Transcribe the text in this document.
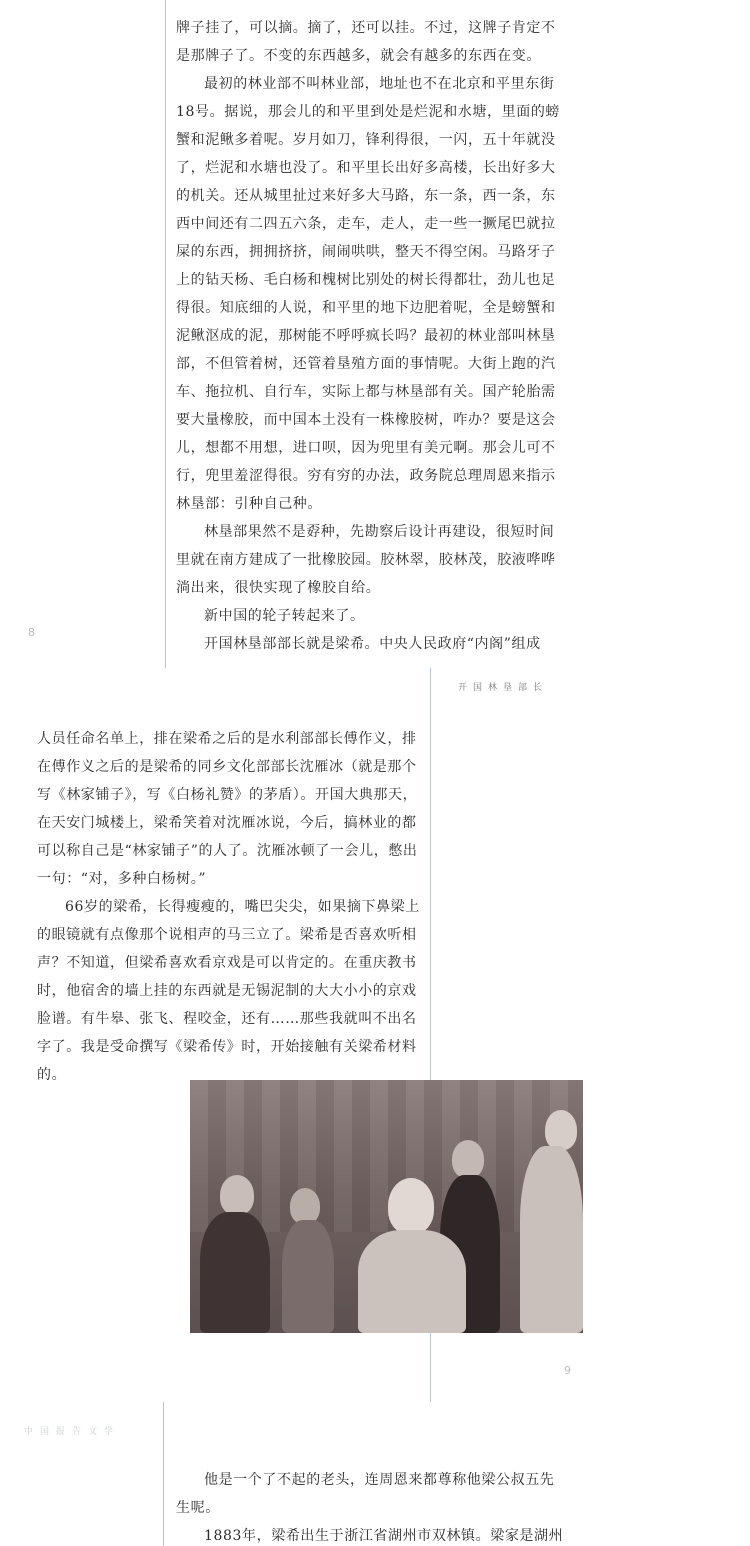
牌子挂了，可以摘。摘了，还可以挂。不过，这牌子肯定不是那牌子了。不变的东西越多，就会有越多的东西在变。

最初的林业部不叫林业部，地址也不在北京和平里东街18号。据说，那会儿的和平里到处是烂泥和水塘，里面的螃蟹和泥鳅多着呢。岁月如刀，锋利得很，一闪，五十年就没了，烂泥和水塘也没了。和平里长出好多高楼，长出好多大的机关。还从城里扯过来好多大马路，东一条，西一条，东西中间还有二四五六条，走车，走人，走一些一撅尾巴就拉屎的东西，拥拥挤挤，闹闹哄哄，整天不得空闲。马路牙子上的钻天杨、毛白杨和槐树比别处的树长得都壮，劲儿也足得很。知底细的人说，和平里的地下边肥着呢，全是螃蟹和泥鳅沤成的泥，那树能不呼呼疯长吗？最初的林业部叫林垦部，不但管着树，还管着垦殖方面的事情呢。大街上跑的汽车、拖拉机、自行车，实际上都与林垦部有关。国产轮胎需要大量橡胶，而中国本土没有一株橡胶树，咋办？要是这会儿，想都不用想，进口呗，因为兜里有美元啊。那会儿可不行，兜里羞涩得很。穷有穷的办法，政务院总理周恩来指示林垦部：引种自己种。

林垦部果然不是孬种，先勘察后设计再建设，很短时间里就在南方建成了一批橡胶园。胶林翠，胶林茂，胶液哗哗淌出来，很快实现了橡胶自给。

新中国的轮子转起来了。

开国林垦部部长就是梁希。中央人民政府“内阁”组成

8
开国林垦部长

人员任命名单上，排在梁希之后的是水利部部长傅作义，排在傅作义之后的是梁希的同乡文化部部长沈雁冰（就是那个写《林家铺子》，写《白杨礼赞》的茅盾）。开国大典那天，在天安门城楼上，梁希笑着对沈雁冰说，今后，搞林业的都可以称自己是“林家铺子”的人了。沈雁冰顿了一会儿，憋出一句：“对，多种白杨树。”

66岁的梁希，长得瘦瘦的，嘴巴尖尖，如果摘下鼻梁上的眼镜就有点像那个说相声的马三立了。梁希是否喜欢听相声？不知道，但梁希喜欢看京戏是可以肯定的。在重庆教书时，他宿舍的墙上挂的东西就是无锡泥制的大大小小的京戏脸谱。有牛皋、张飞、程咬金，还有……那些我就叫不出名字了。我是受命撰写《梁希传》时，开始接触有关梁希材料的。

9
中国报告文学

他是一个了不起的老头，连周恩来都尊称他梁公叔五先生呢。

1883年，梁希出生于浙江省湖州市双林镇。梁家是湖州
